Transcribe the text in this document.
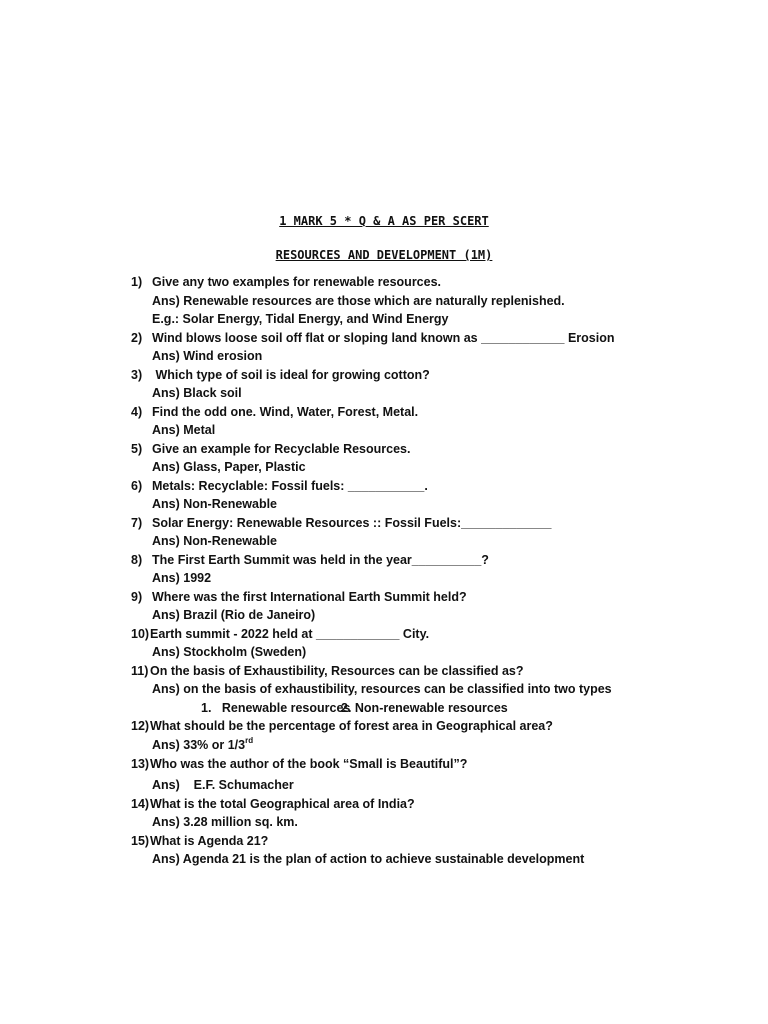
1 MARK 5 * Q & A AS PER SCERT
RESOURCES AND DEVELOPMENT (1M)
1) Give any two examples for renewable resources.
Ans) Renewable resources are those which are naturally replenished.
E.g.: Solar Energy, Tidal Energy, and Wind Energy
2) Wind blows loose soil off flat or sloping land known as ____________ Erosion
Ans) Wind erosion
3) Which type of soil is ideal for growing cotton?
Ans) Black soil
4) Find the odd one. Wind, Water, Forest, Metal.
Ans) Metal
5) Give an example for Recyclable Resources.
Ans) Glass, Paper, Plastic
6) Metals: Recyclable: Fossil fuels: ___________.
Ans) Non-Renewable
7) Solar Energy: Renewable Resources :: Fossil Fuels:_____________
Ans) Non-Renewable
8) The First Earth Summit was held in the year__________?
Ans) 1992
9) Where was the first International Earth Summit held?
Ans) Brazil (Rio de Janeiro)
10) Earth summit - 2022 held at ____________ City.
Ans) Stockholm (Sweden)
11) On the basis of Exhaustibility, Resources can be classified as?
Ans) on the basis of exhaustibility, resources can be classified into two types
1.   Renewable resources2. Non-renewable resources
12) What should be the percentage of forest area in Geographical area?
Ans) 33% or 1/3rd
13) Who was the author of the book “Small is Beautiful”?
Ans)    E.F. Schumacher
14) What is the total Geographical area of India?
Ans) 3.28 million sq. km.
15) What is Agenda 21?
Ans) Agenda 21 is the plan of action to achieve sustainable development
